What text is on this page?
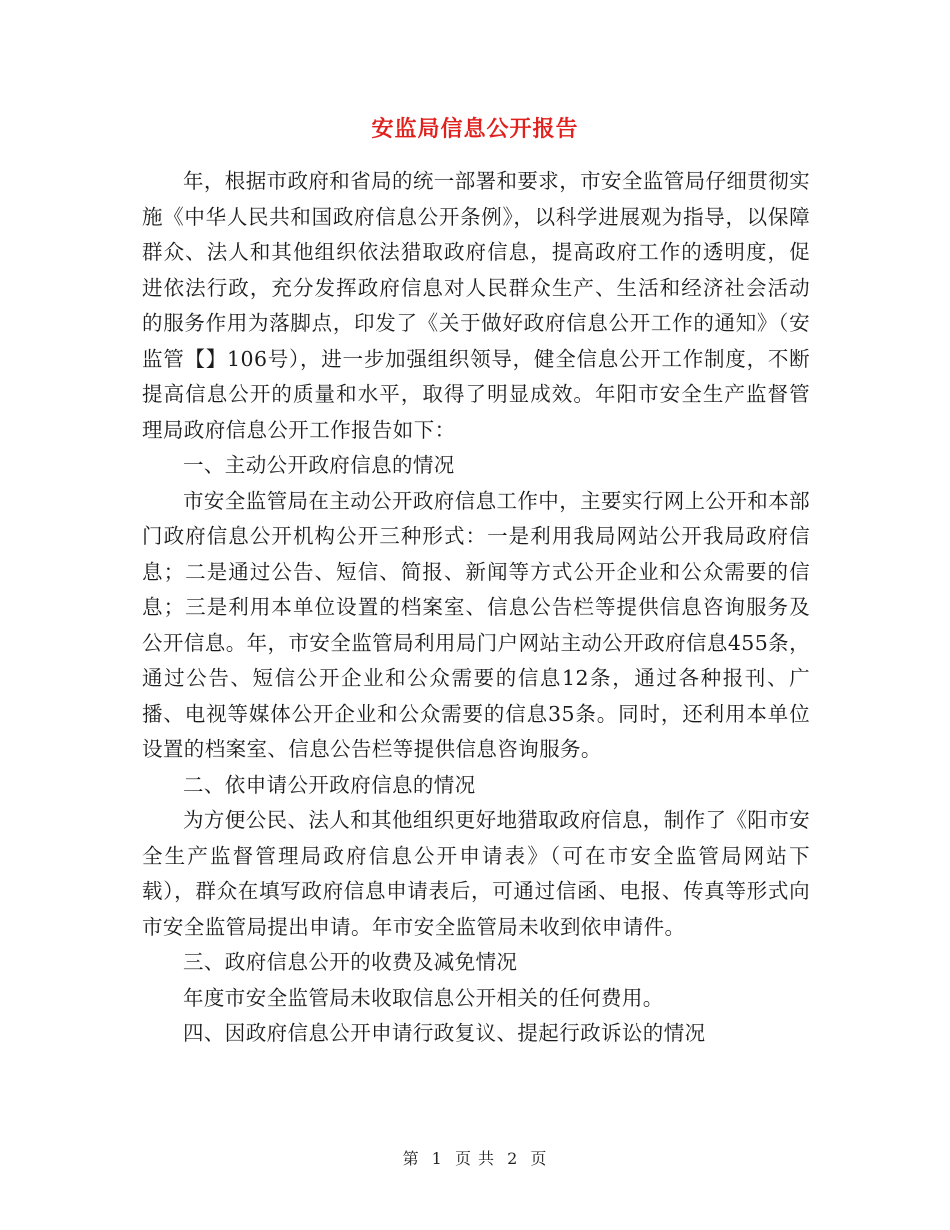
安监局信息公开报告

年，根据市政府和省局的统一部署和要求，市安全监管局仔细贯彻实施《中华人民共和国政府信息公开条例》，以科学进展观为指导，以保障群众、法人和其他组织依法猎取政府信息，提高政府工作的透明度，促进依法行政，充分发挥政府信息对人民群众生产、生活和经济社会活动的服务作用为落脚点，印发了《关于做好政府信息公开工作的通知》（安监管【】106号），进一步加强组织领导，健全信息公开工作制度，不断提高信息公开的质量和水平，取得了明显成效。年阳市安全生产监督管理局政府信息公开工作报告如下：

一、主动公开政府信息的情况

市安全监管局在主动公开政府信息工作中，主要实行网上公开和本部门政府信息公开机构公开三种形式：一是利用我局网站公开我局政府信息；二是通过公告、短信、简报、新闻等方式公开企业和公众需要的信息；三是利用本单位设置的档案室、信息公告栏等提供信息咨询服务及公开信息。年，市安全监管局利用局门户网站主动公开政府信息455条，通过公告、短信公开企业和公众需要的信息12条，通过各种报刊、广播、电视等媒体公开企业和公众需要的信息35条。同时，还利用本单位设置的档案室、信息公告栏等提供信息咨询服务。

二、依申请公开政府信息的情况

为方便公民、法人和其他组织更好地猎取政府信息，制作了《阳市安全生产监督管理局政府信息公开申请表》（可在市安全监管局网站下载），群众在填写政府信息申请表后，可通过信函、电报、传真等形式向市安全监管局提出申请。年市安全监管局未收到依申请件。

三、政府信息公开的收费及减免情况

年度市安全监管局未收取信息公开相关的任何费用。

四、因政府信息公开申请行政复议、提起行政诉讼的情况

第 1 页 共 2 页
